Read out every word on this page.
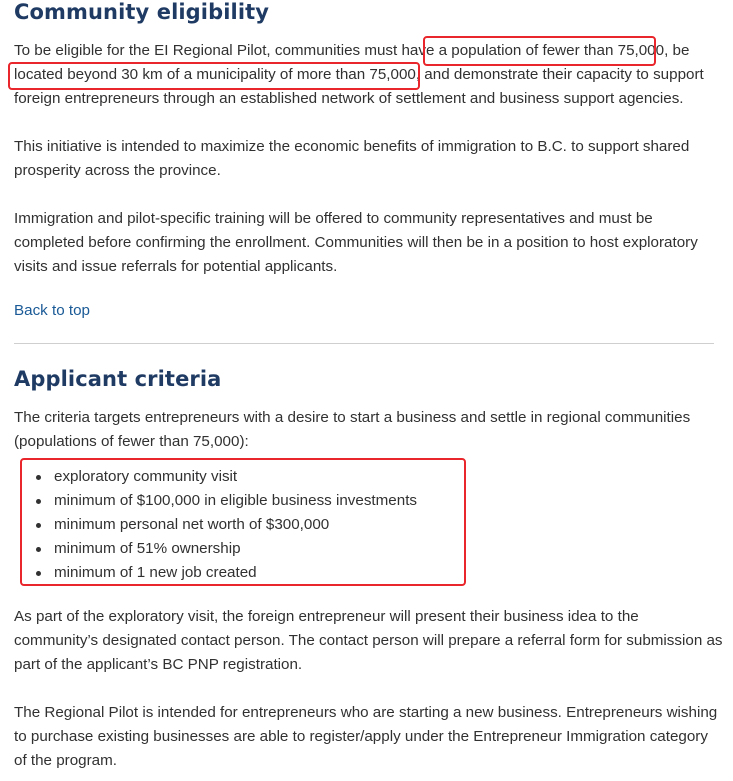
Community eligibility

To be eligible for the EI Regional Pilot, communities must have a population of fewer than 75,000, be
located beyond 30 km of a municipality of more than 75,000, and demonstrate their capacity to support
foreign entrepreneurs through an established network of settlement and business support agencies.

This initiative is intended to maximize the economic benefits of immigration to B.C. to support shared
prosperity across the province.

Immigration and pilot-specific training will be offered to community representatives and must be
completed before confirming the enrollment. Communities will then be in a position to host exploratory
visits and issue referrals for potential applicants.

Back to top
Applicant criteria

The criteria targets entrepreneurs with a desire to start a business and settle in regional communities
(populations of fewer than 75,000):

exploratory community visit
minimum of $100,000 in eligible business investments
minimum personal net worth of $300,000
minimum of 51% ownership
minimum of 1 new job created

As part of the exploratory visit, the foreign entrepreneur will present their business idea to the
community’s designated contact person. The contact person will prepare a referral form for submission as
part of the applicant’s BC PNP registration.

The Regional Pilot is intended for entrepreneurs who are starting a new business. Entrepreneurs wishing
to purchase existing businesses are able to register/apply under the Entrepreneur Immigration category
of the program.
